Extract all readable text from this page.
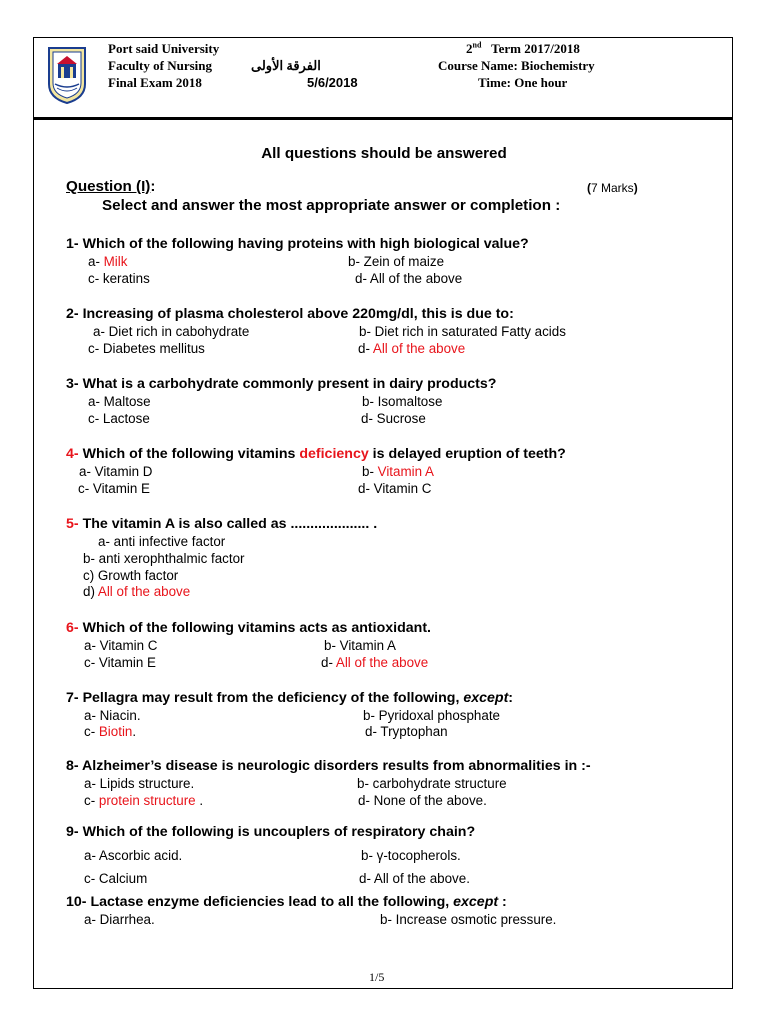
Port said University
Faculty of Nursing	الفرقة الأولى
Final Exam 2018	5/6/2018
2nd Term 2017/2018
Course Name: Biochemistry
Time: One hour
All questions should be answered
Question (I):	(7 Marks)
Select and answer the most appropriate answer or completion :
1- Which of the following having proteins with high biological value?
a- Milk	b- Zein of maize
c- keratins	d- All of the above
2- Increasing of plasma cholesterol above 220mg/dl, this is due to:
a- Diet rich in cabohydrate	b- Diet rich in saturated Fatty acids
c- Diabetes mellitus	d- All of the above
3- What is a carbohydrate commonly present in dairy products?
a- Maltose	b- Isomaltose
c- Lactose	d- Sucrose
4- Which of the following vitamins deficiency is delayed eruption of teeth?
a- Vitamin D	b- Vitamin A
c- Vitamin E	d- Vitamin C
5- The vitamin A is also called as .................... .
a- anti infective factor
b- anti xerophthalmic factor
c) Growth factor
d) All of the above
6- Which of the following vitamins acts as antioxidant.
a- Vitamin C	b- Vitamin A
c- Vitamin E	d- All of the above
7- Pellagra may result from the deficiency of the following, except:
a- Niacin.	b- Pyridoxal phosphate
c- Biotin.	d- Tryptophan
8- Alzheimer’s disease is neurologic disorders results from abnormalities in :-
a- Lipids structure.	b- carbohydrate structure
c- protein structure .	d- None of the above.
9- Which of the following is uncouplers of respiratory chain?
a- Ascorbic acid.	b- γ-tocopherols.
c- Calcium	d- All of the above.
10- Lactase enzyme deficiencies lead to all the following, except :
a- Diarrhea.	b- Increase osmotic pressure.
1/5
